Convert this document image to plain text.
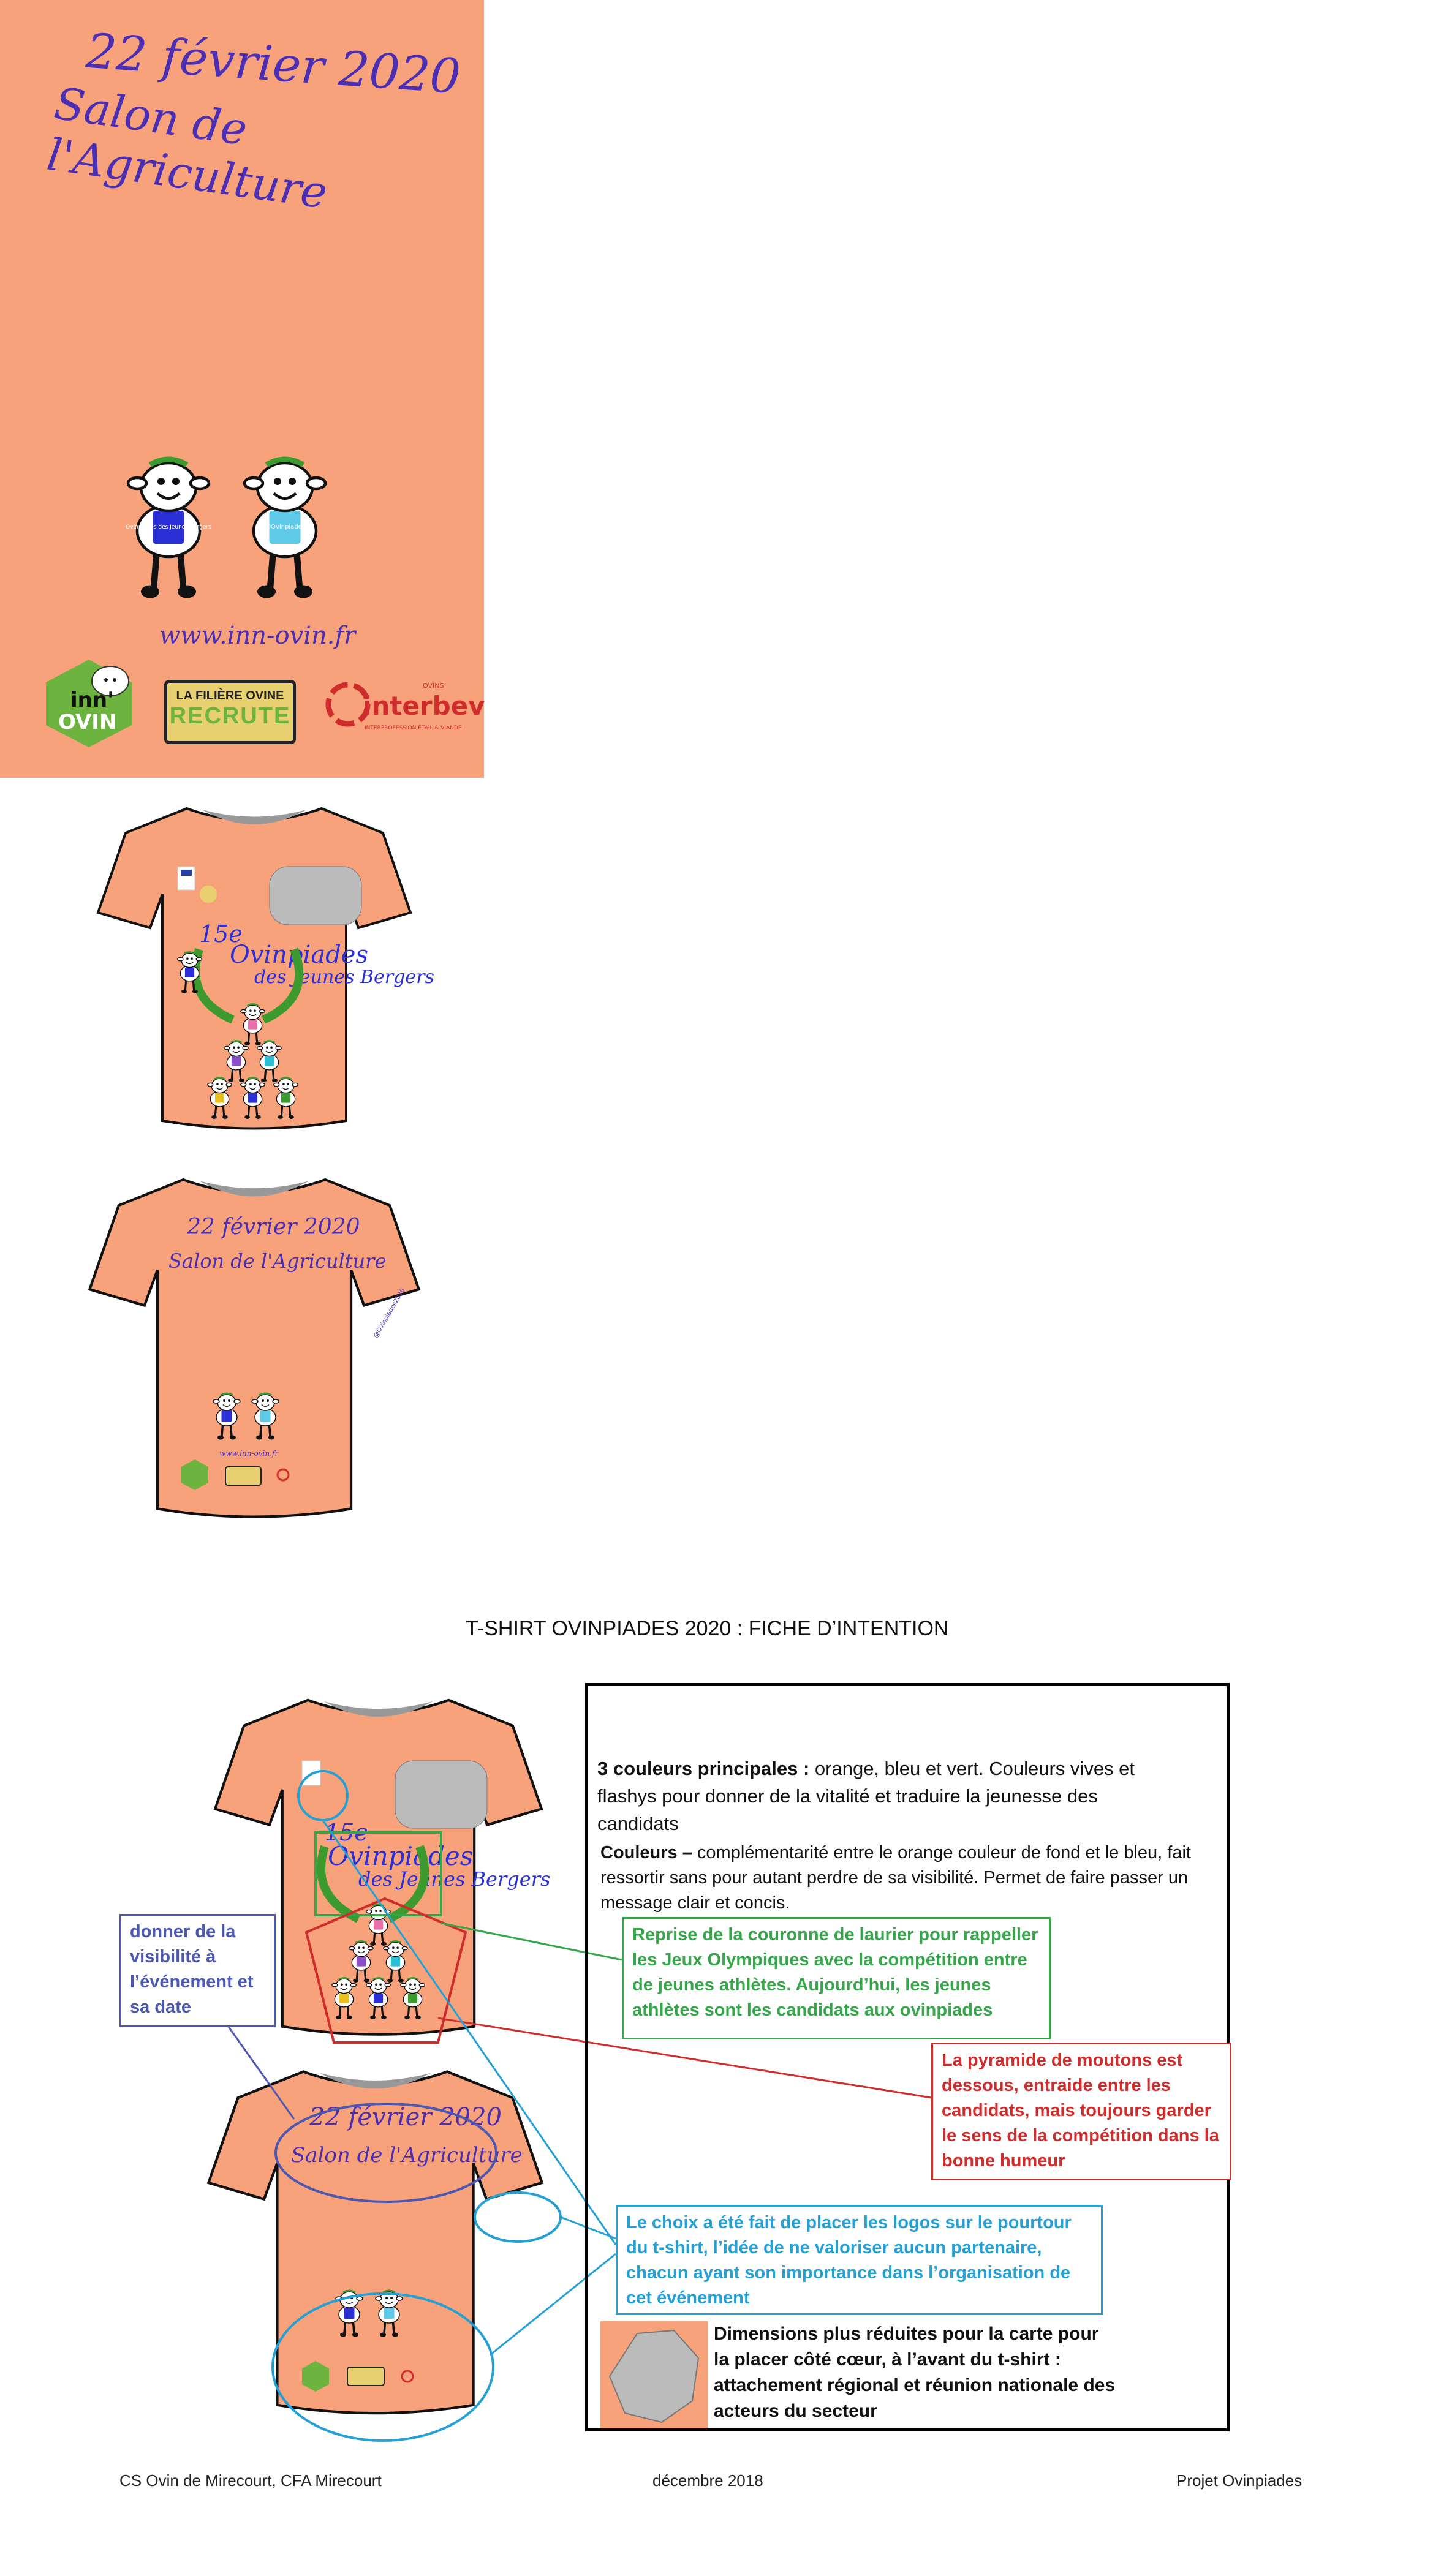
22 février 2020
Salon de l'Agriculture
Ovinpiades des Jeunes Bergers	@Ovinpiades
www.inn-ovin.fr
inn'
OVIN
LA FILIÈRE OVINE
RECRUTE	interbev
OVINS
INTERPROFESSION ÉTAIL & VIANDE
15e
Ovinpiades
des Jeunes Bergers
22 février 2020
Salon de l'Agriculture
@Ovinpiades2020
www.inn-ovin.fr
T-SHIRT OVINPIADES 2020 : FICHE D’INTENTION
15e
Ovinpiades
des Jeunes Bergers
22 février 2020
Salon de l'Agriculture
3 couleurs principales : orange, bleu et vert. Couleurs vives et flashys pour donner de la vitalité et traduire la jeunesse des candidats
Couleurs – complémentarité entre le orange couleur de fond et le bleu, fait ressortir sans pour autant perdre de sa visibilité. Permet de faire passer un message clair et concis.
donner de la visibilité à l’événement et sa date
Reprise de la couronne de laurier pour rappeller les Jeux Olympiques avec la compétition entre de jeunes athlètes. Aujourd’hui, les jeunes athlètes sont les candidats aux ovinpiades
La pyramide de moutons est dessous, entraide entre les candidats, mais toujours garder le sens de la compétition dans la bonne humeur
Le choix a été fait de placer les logos sur le pourtour du t-shirt, l’idée de ne valoriser aucun partenaire, chacun ayant son importance dans l’organisation de cet événement
Dimensions plus réduites pour la carte pour la placer côté cœur, à l’avant du t-shirt : attachement régional et réunion nationale des acteurs du secteur
CS Ovin de Mirecourt, CFA Mirecourt	décembre 2018	Projet Ovinpiades
